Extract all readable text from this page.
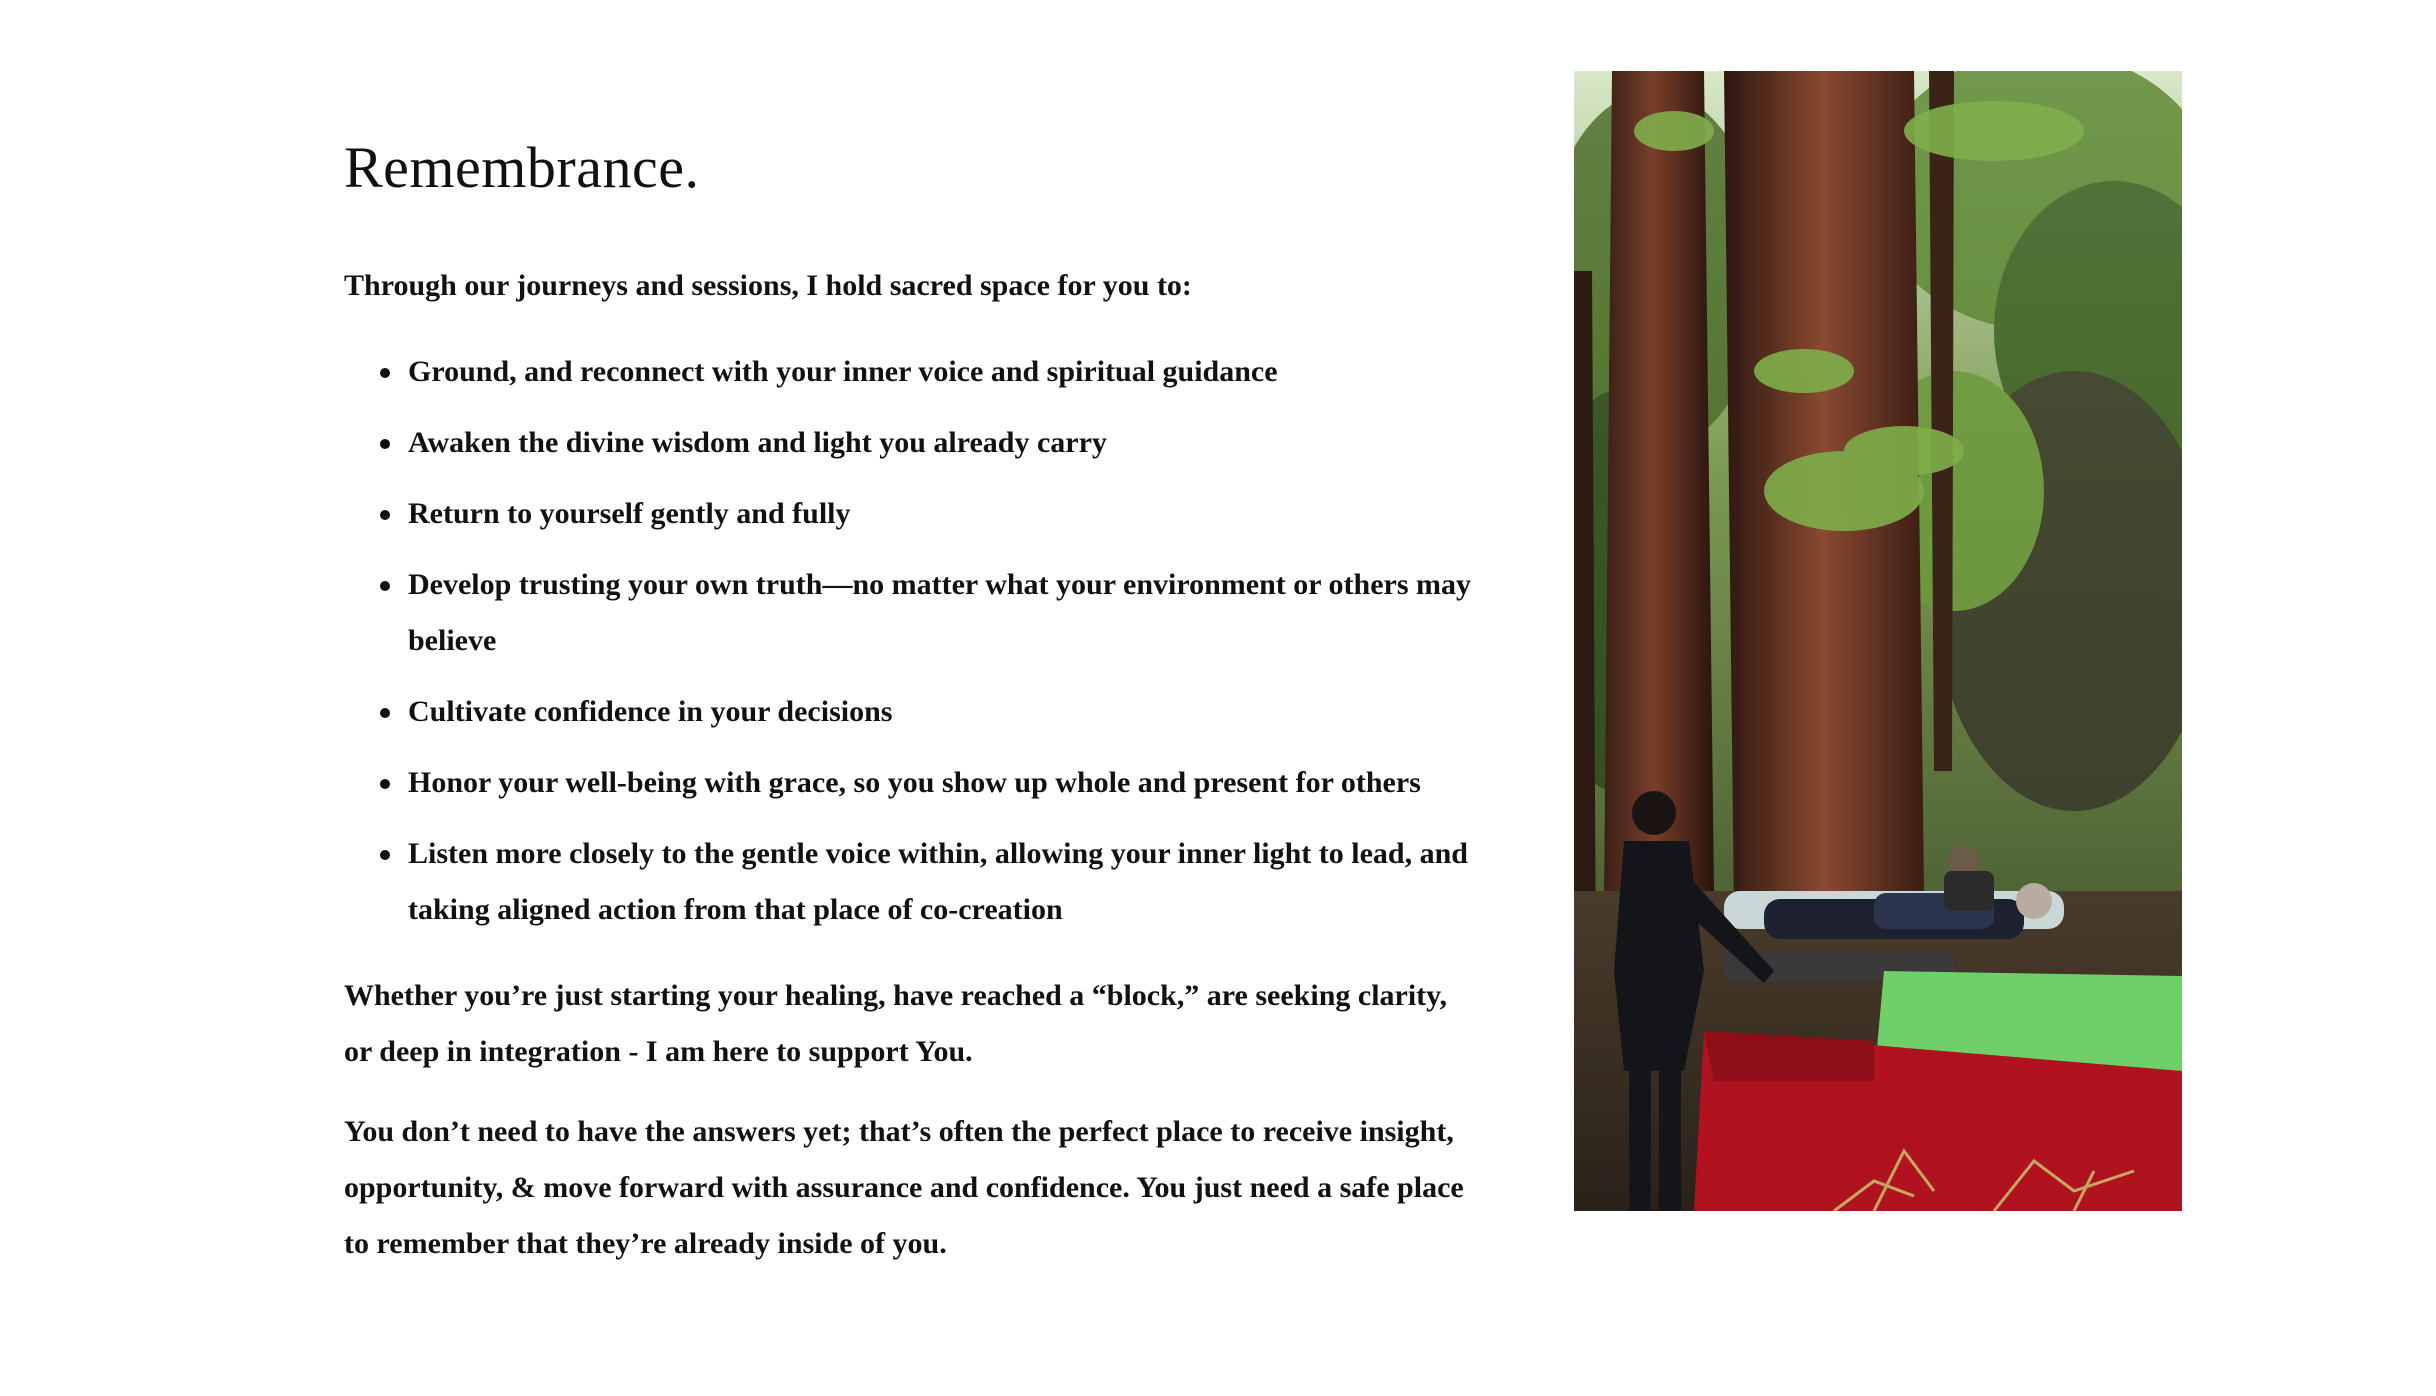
Remembrance.

Through our journeys and sessions, I hold sacred space for you to:

Ground, and reconnect with your inner voice and spiritual guidance
Awaken the divine wisdom and light you already carry
Return to yourself gently and fully
Develop trusting your own truth—no matter what your environment or others may believe
Cultivate confidence in your decisions
Honor your well-being with grace, so you show up whole and present for others
Listen more closely to the gentle voice within, allowing your inner light to lead, and taking aligned action from that place of co-creation

Whether you’re just starting your healing, have reached a “block,” are seeking clarity, or deep in integration - I am here to support You.

You don’t need to have the answers yet; that’s often the perfect place to receive insight, opportunity, & move forward with assurance and confidence. You just need a safe place to remember that they’re already inside of you.
